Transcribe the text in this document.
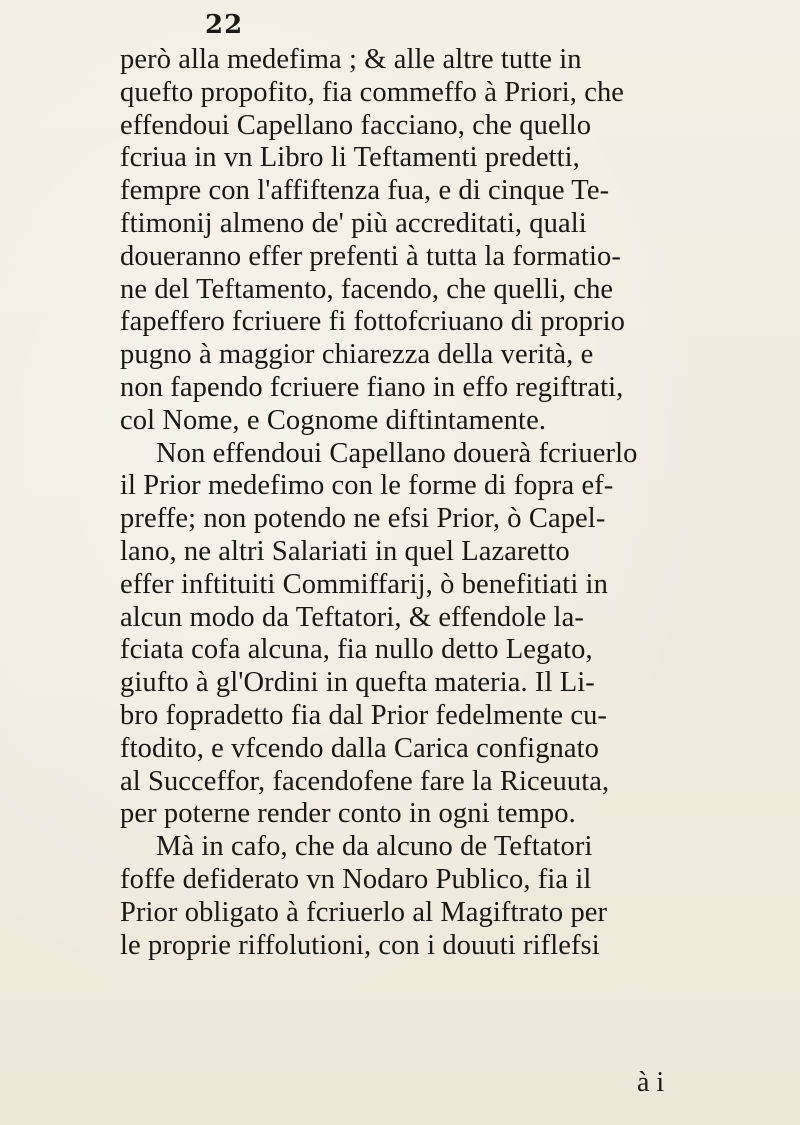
22
però alla medefima ; & alle altre tutte in
quefto propofito, fia commeffo à Priori, che
effendoui Capellano facciano, che quello
fcriua in vn Libro li Teftamenti predetti,
fempre con l'affiftenza fua, e di cinque Te-
ftimonij almeno de' più accreditati, quali
doueranno effer prefenti à tutta la formatio-
ne del Teftamento, facendo, che quelli, che
fapeffero fcriuere fi fottofcriuano di proprio
pugno à maggior chiarezza della verità, e
non fapendo fcriuere fiano in effo regiftrati,
col Nome, e Cognome diftintamente.
Non effendoui Capellano douerà fcriuerlo
il Prior medefimo con le forme di fopra ef-
preffe; non potendo ne efsi Prior, ò Capel-
lano, ne altri Salariati in quel Lazaretto
effer inftituiti Commiffarij, ò benefitiati in
alcun modo da Teftatori, & effendole la-
fciata cofa alcuna, fia nullo detto Legato,
giufto à gl'Ordini in quefta materia. Il Li-
bro fopradetto fia dal Prior fedelmente cu-
ftodito, e vfcendo dalla Carica confignato
al Succeffor, facendofene fare la Riceuuta,
per poterne render conto in ogni tempo.
Mà in cafo, che da alcuno de Teftatori
foffe defiderato vn Nodaro Publico, fia il
Prior obligato à fcriuerlo al Magiftrato per
le proprie riffolutioni, con i douuti riflefsi
à i
